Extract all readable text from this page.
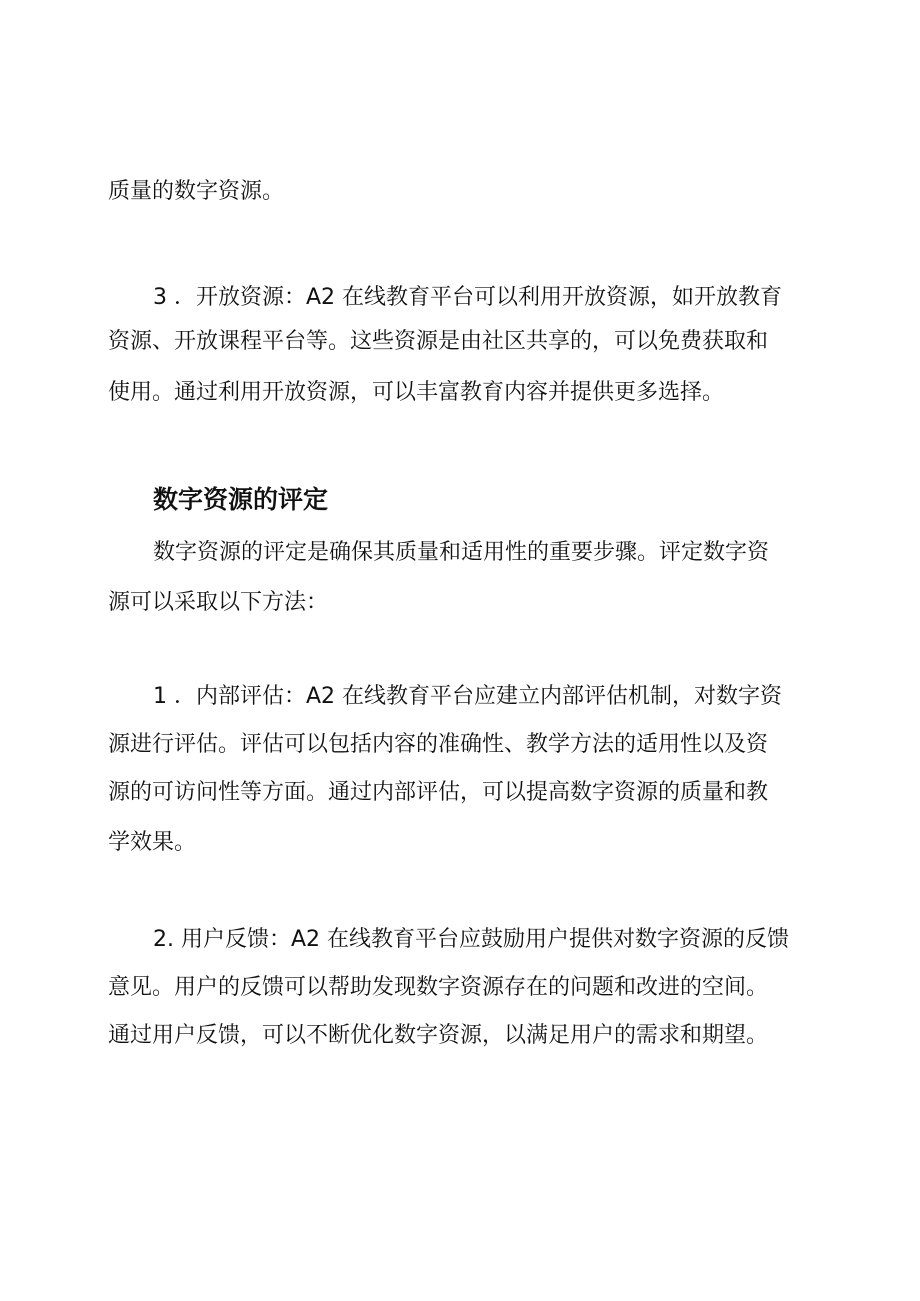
质量的数字资源。
3 ．开放资源：A2 在线教育平台可以利用开放资源，如开放教育
资源、开放课程平台等。这些资源是由社区共享的，可以免费获取和
使用。通过利用开放资源，可以丰富教育内容并提供更多选择。
数字资源的评定
数字资源的评定是确保其质量和适用性的重要步骤。评定数字资
源可以采取以下方法：
1 ．内部评估：A2 在线教育平台应建立内部评估机制，对数字资
源进行评估。评估可以包括内容的准确性、教学方法的适用性以及资
源的可访问性等方面。通过内部评估，可以提高数字资源的质量和教
学效果。
2. 用户反馈：A2 在线教育平台应鼓励用户提供对数字资源的反馈
意见。用户的反馈可以帮助发现数字资源存在的问题和改进的空间。
通过用户反馈，可以不断优化数字资源，以满足用户的需求和期望。
